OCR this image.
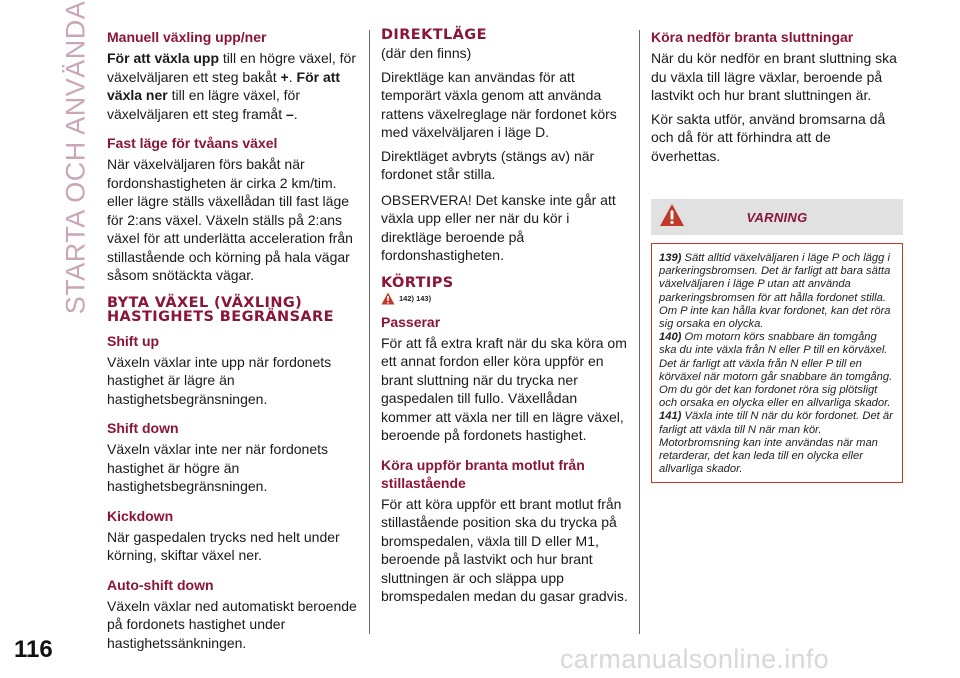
STARTA OCH ANVÄNDA Manuell växling upp/ner
För att växla upp till en högre växel, för växelväljaren ett steg bakåt +. För att växla ner till en lägre växel, för växelväljaren ett steg framåt –.
Fast läge för tvåans växel
När växelväljaren förs bakåt när fordonshastigheten är cirka 2 km/tim. eller lägre ställs växellådan till fast läge för 2:ans växel. Växeln ställs på 2:ans växel för att underlätta acceleration från stillastående och körning på hala vägar såsom snötäckta vägar.
BYTA VÄXEL (VÄXLING) HASTIGHETS BEGRÄNSARE
Shift up
Växeln växlar inte upp när fordonets hastighet är lägre än hastighetsbegränsningen.
Shift down
Växeln växlar inte ner när fordonets hastighet är högre än hastighetsbegränsningen.
Kickdown
När gaspedalen trycks ned helt under körning, skiftar växel ner.
Auto-shift down
Växeln växlar ned automatiskt beroende på fordonets hastighet under hastighetssänkningen.
DIREKTLÄGE
(där den finns)
Direktläge kan användas för att temporärt växla genom att använda rattens växelreglage när fordonet körs med växelväljaren i läge D.
Direktläget avbryts (stängs av) när fordonet står stilla.
OBSERVERA! Det kanske inte går att växla upp eller ner när du kör i direktläge beroende på fordonshastigheten.
KÖRTIPS
142) 143)
Passerar
För att få extra kraft när du ska köra om ett annat fordon eller köra uppför en brant sluttning när du trycka ner gaspedalen till fullo. Växellådan kommer att växla ner till en lägre växel, beroende på fordonets hastighet.
Köra uppför branta motlut från stillastående
För att köra uppför ett brant motlut från stillastående position ska du trycka på bromspedalen, växla till D eller M1, beroende på lastvikt och hur brant sluttningen är och släppa upp bromspedalen medan du gasar gradvis.
Köra nedför branta sluttningar
När du kör nedför en brant sluttning ska du växla till lägre växlar, beroende på lastvikt och hur brant sluttningen är.
Kör sakta utför, använd bromsarna då och då för att förhindra att de överhettas.
VARNING
139) Sätt alltid växelväljaren i läge P och lägg i parkeringsbromsen. Det är farligt att bara sätta växelväljaren i läge P utan att använda parkeringsbromsen för att hålla fordonet stilla. Om P inte kan hålla kvar fordonet, kan det röra sig orsaka en olycka.
140) Om motorn körs snabbare än tomgång ska du inte växla från N eller P till en körväxel. Det är farligt att växla från N eller P till en körväxel när motorn går snabbare än tomgång. Om du gör det kan fordonet röra sig plötsligt och orsaka en olycka eller en allvarliga skador.
141) Växla inte till N när du kör fordonet. Det är farligt att växla till N när man kör. Motorbromsning kan inte användas när man retarderar, det kan leda till en olycka eller allvarliga skador.
116	carmanualsonline.info
